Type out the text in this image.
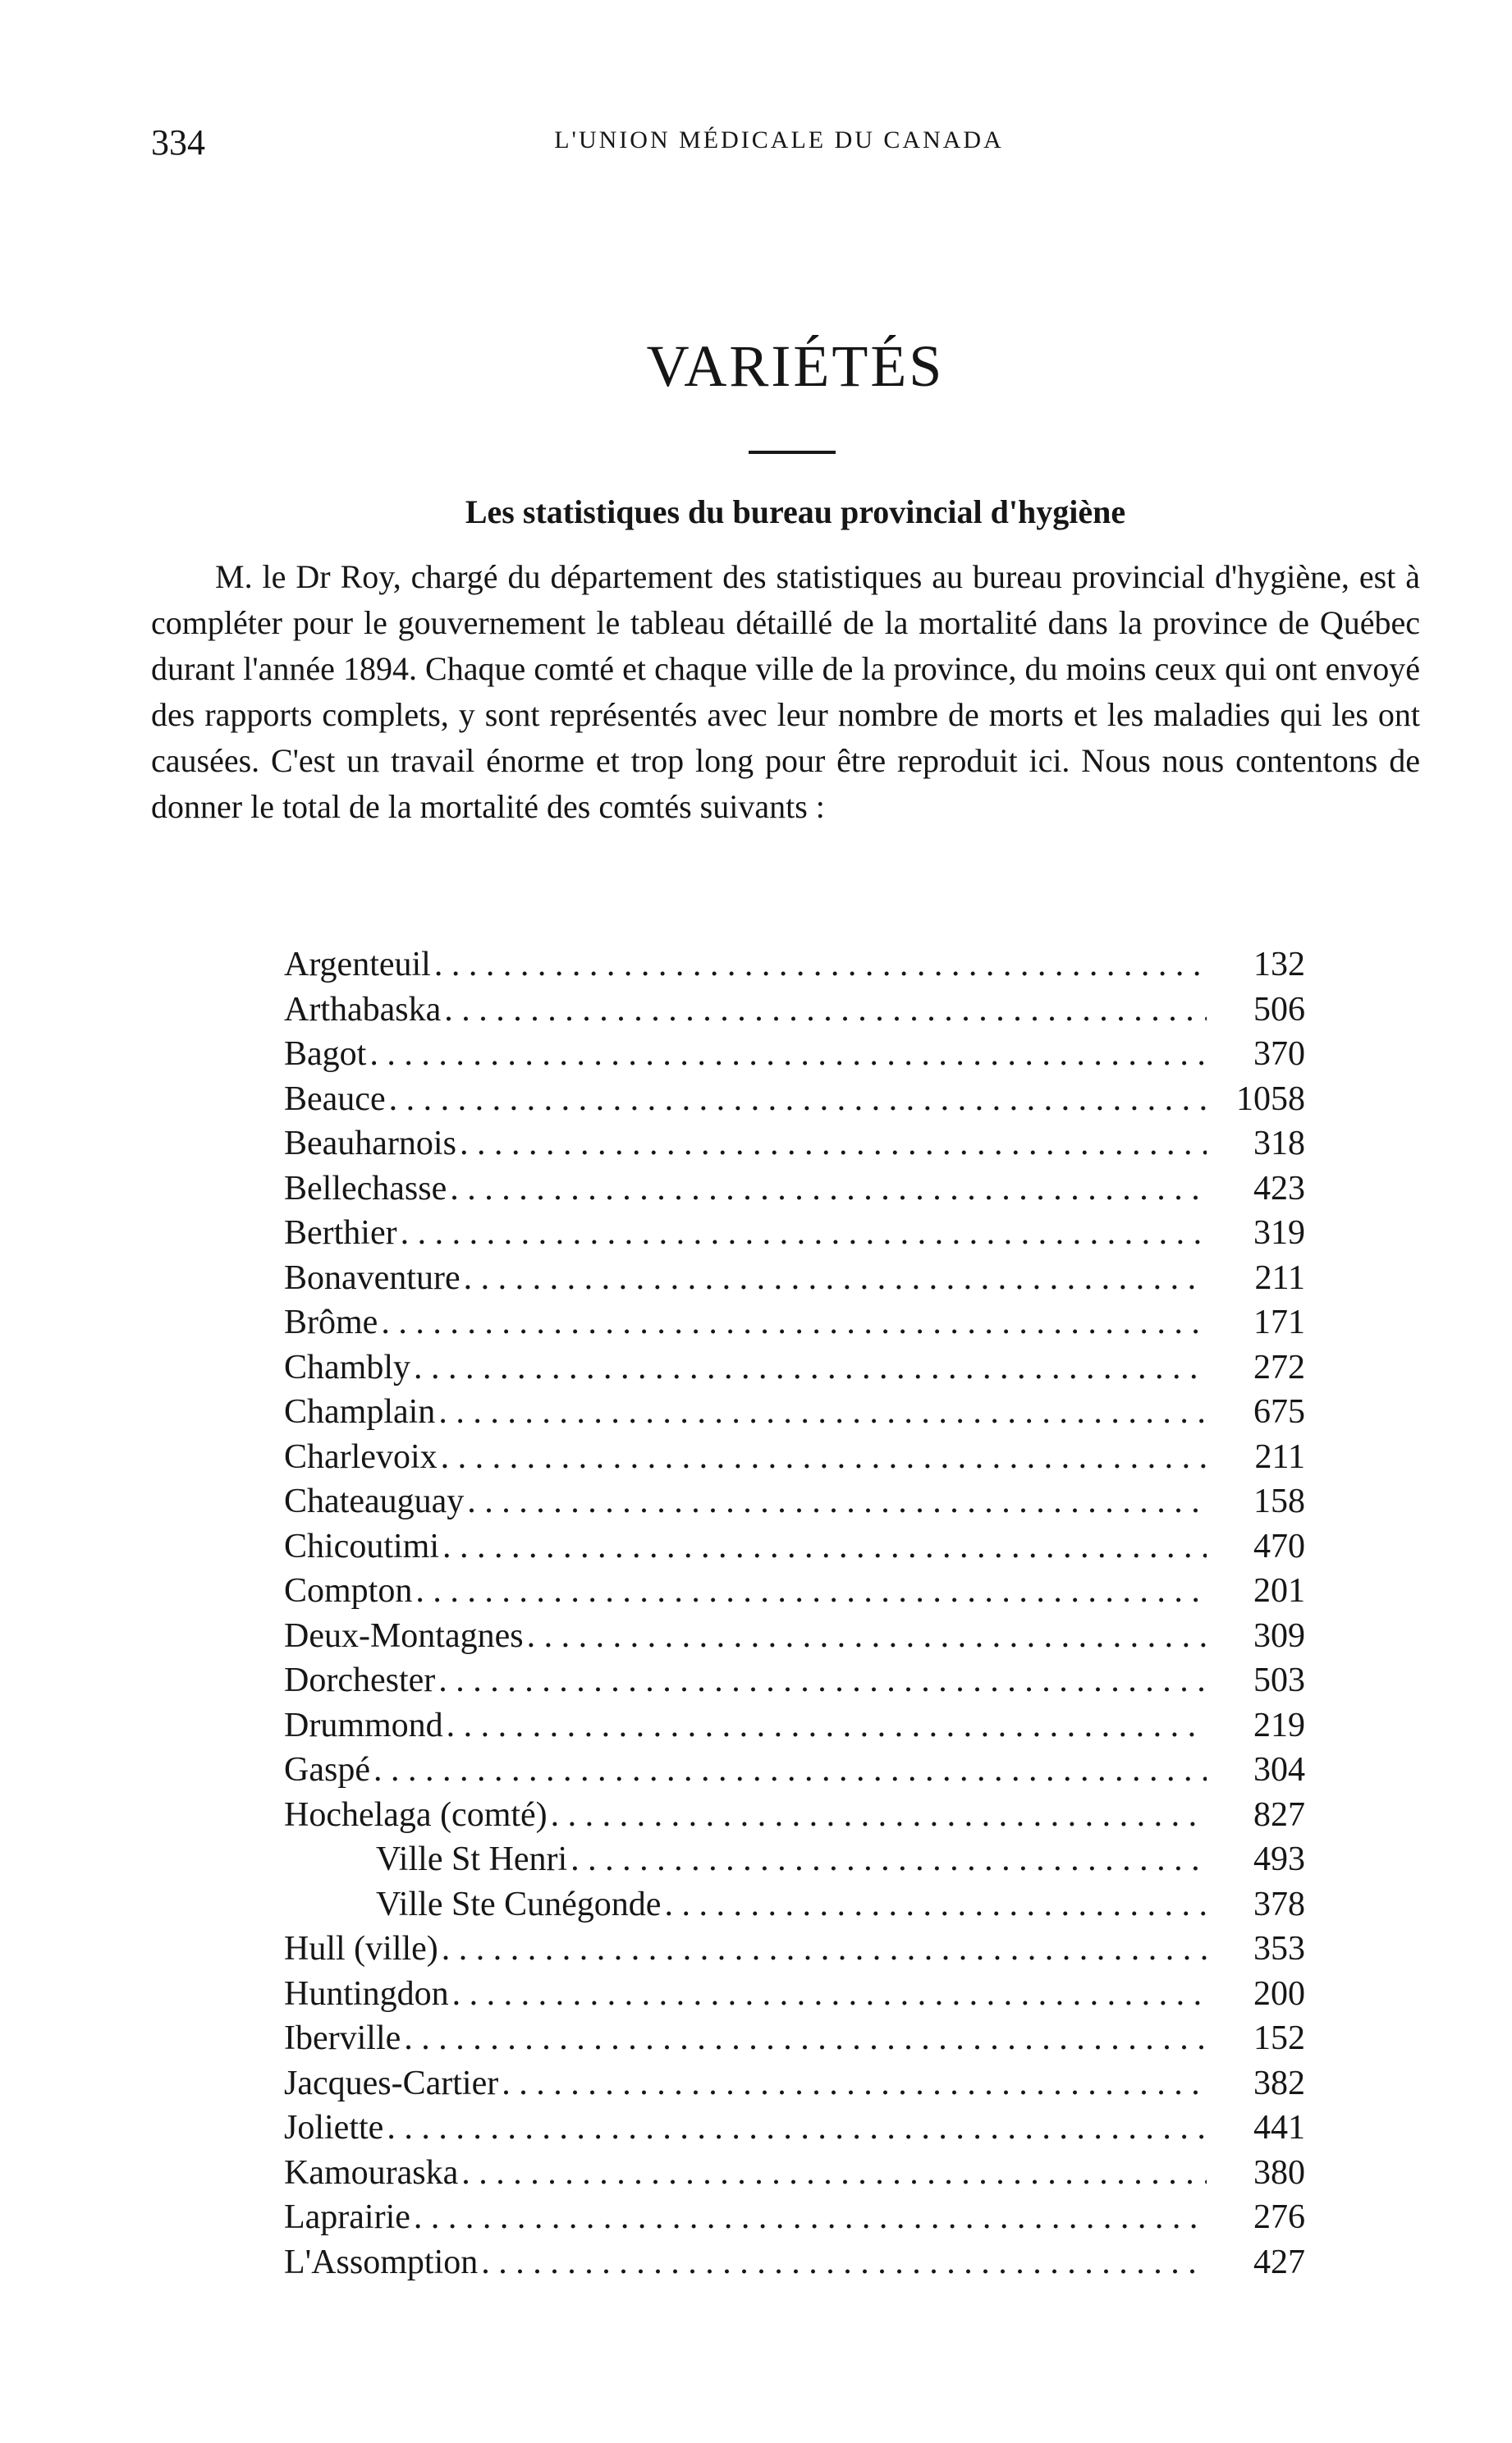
334	L'UNION MÉDICALE DU CANADA
VARIÉTÉS
Les statistiques du bureau provincial d'hygiène

M. le Dr Roy, chargé du département des statistiques au bureau provincial d'hygiène, est à compléter pour le gouvernement le tableau détaillé de la mortalité dans la province de Québec durant l'année 1894. Chaque comté et chaque ville de la province, du moins ceux qui ont envoyé des rapports complets, y sont représentés avec leur nombre de morts et les maladies qui les ont causées. C'est un travail énorme et trop long pour être reproduit ici. Nous nous contentons de donner le total de la mortalité des comtés suivants :

Argenteuil . . .	132
Arthabaska . . .	506
Bagot . . .	370
Beauce . . .	1058
Beauharnois . . .	318
Bellechasse . . .	423
Berthier . . .	319
Bonaventure . . .	211
Brôme . . .	171
Chambly . . .	272
Champlain . . .	675
Charlevoix . . .	211
Chateauguay . . .	158
Chicoutimi . . .	470
Compton . . .	201
Deux-Montagnes . . .	309
Dorchester . . .	503
Drummond . . .	219
Gaspé . . .	304
Hochelaga (comté) . . .	827
Ville St Henri . . .	493
Ville Ste Cunégonde . . .	378
Hull (ville) . . .	353
Huntingdon . . .	200
Iberville . . .	152
Jacques-Cartier . . .	382
Joliette . . .	441
Kamouraska . . .	380
Laprairie . . .	276
L'Assomption . . .	427
